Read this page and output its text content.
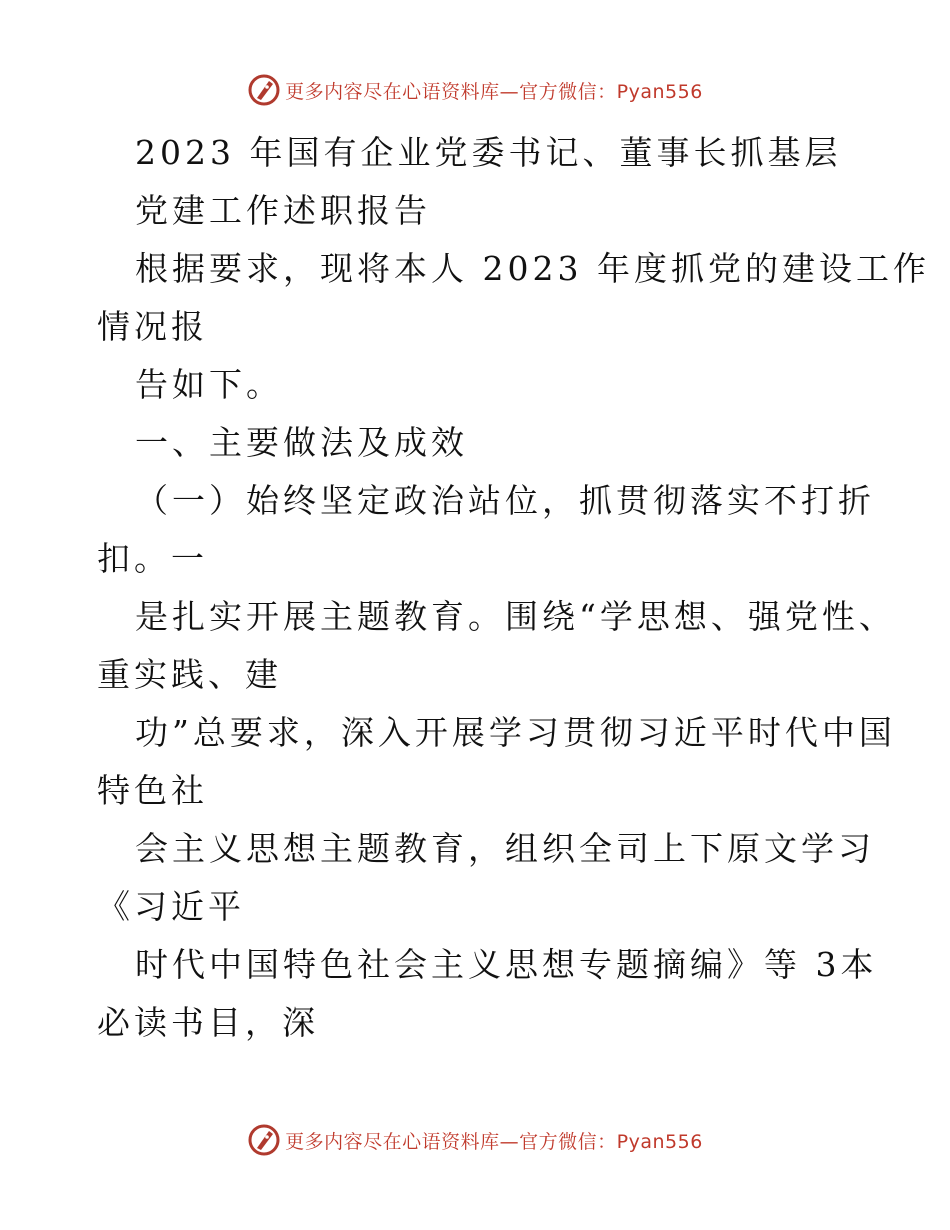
更多内容尽在心语资料库—官方微信：Pyan556
2023 年国有企业党委书记、董事长抓基层
党建工作述职报告
根据要求，现将本人 2023 年度抓党的建设工作
情况报
告如下。
一、主要做法及成效
（一）始终坚定政治站位，抓贯彻落实不打折
扣。一
是扎实开展主题教育。围绕“学思想、强党性、
重实践、建
功”总要求，深入开展学习贯彻习近平时代中国
特色社
会主义思想主题教育，组织全司上下原文学习
《习近平
时代中国特色社会主义思想专题摘编》等 3本
必读书目，深
更多内容尽在心语资料库—官方微信：Pyan556
